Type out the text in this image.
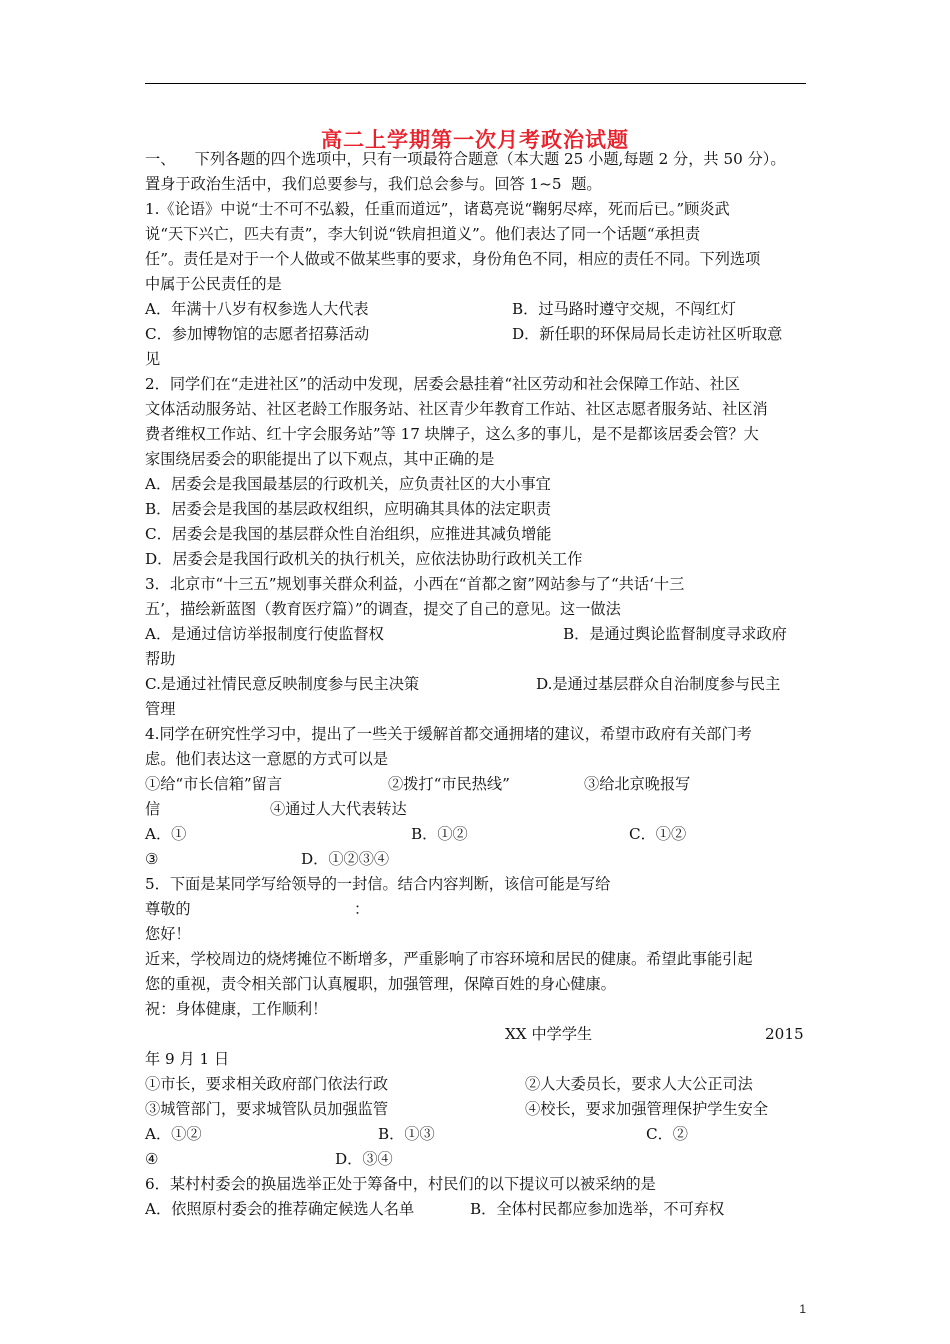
高二上学期第一次月考政治试题
一、    下列各题的四个选项中，只有一项最符合题意（本大题 25 小题,每题 2 分，共 50 分）。
置身于政治生活中，我们总要参与，我们总会参与。回答 1~5  题。
1.《论语》中说“士不可不弘毅，任重而道远”，诸葛亮说“鞠躬尽瘁，死而后已。”顾炎武
说“天下兴亡，匹夫有责”，李大钊说“铁肩担道义”。他们表达了同一个话题“承担责
任”。责任是对于一个人做或不做某些事的要求，身份角色不同，相应的责任不同。下列选项
中属于公民责任的是
A．年满十八岁有权参选人大代表	B．过马路时遵守交规，不闯红灯
C．参加博物馆的志愿者招募活动	D．新任职的环保局局长走访社区听取意
见
2．同学们在“走进社区”的活动中发现，居委会悬挂着“社区劳动和社会保障工作站、社区
文体活动服务站、社区老龄工作服务站、社区青少年教育工作站、社区志愿者服务站、社区消
费者维权工作站、红十字会服务站”等 17 块牌子，这么多的事儿，是不是都该居委会管？大
家围绕居委会的职能提出了以下观点，其中正确的是
A．居委会是我国最基层的行政机关，应负责社区的大小事宜
B．居委会是我国的基层政权组织，应明确其具体的法定职责
C．居委会是我国的基层群众性自治组织，应推进其减负增能
D．居委会是我国行政机关的执行机关，应依法协助行政机关工作
3．北京市“十三五”规划事关群众利益，小西在“首都之窗”网站参与了“共话‘十三
五’，描绘新蓝图（教育医疗篇）”的调查，提交了自己的意见。这一做法
A．是通过信访举报制度行使监督权	B．是通过舆论监督制度寻求政府
帮助
C.是通过社情民意反映制度参与民主决策	D.是通过基层群众自治制度参与民主
管理
4.同学在研究性学习中，提出了一些关于缓解首都交通拥堵的建议，希望市政府有关部门考
虑。他们表达这一意愿的方式可以是
①给“市长信箱”留言	②拨打“市民热线”	③给北京晚报写
信	④通过人大代表转达
A．①	B．①②	C．①②
③	D．①②③④
5．下面是某同学写给领导的一封信。结合内容判断，该信可能是写给
尊敬的	：
您好！
近来，学校周边的烧烤摊位不断增多，严重影响了市容环境和居民的健康。希望此事能引起
您的重视，责令相关部门认真履职，加强管理，保障百姓的身心健康。
祝：身体健康，工作顺利！
XX 中学学生	2015
年 9 月 1 日
①市长，要求相关政府部门依法行政	②人大委员长，要求人大公正司法
③城管部门，要求城管队员加强监管	④校长，要求加强管理保护学生安全
A．①②	B．①③	C．②
④	D．③④
6．某村村委会的换届选举正处于筹备中，村民们的以下提议可以被采纳的是
A．依照原村委会的推荐确定候选人名单	B．全体村民都应参加选举，不可弃权
1
